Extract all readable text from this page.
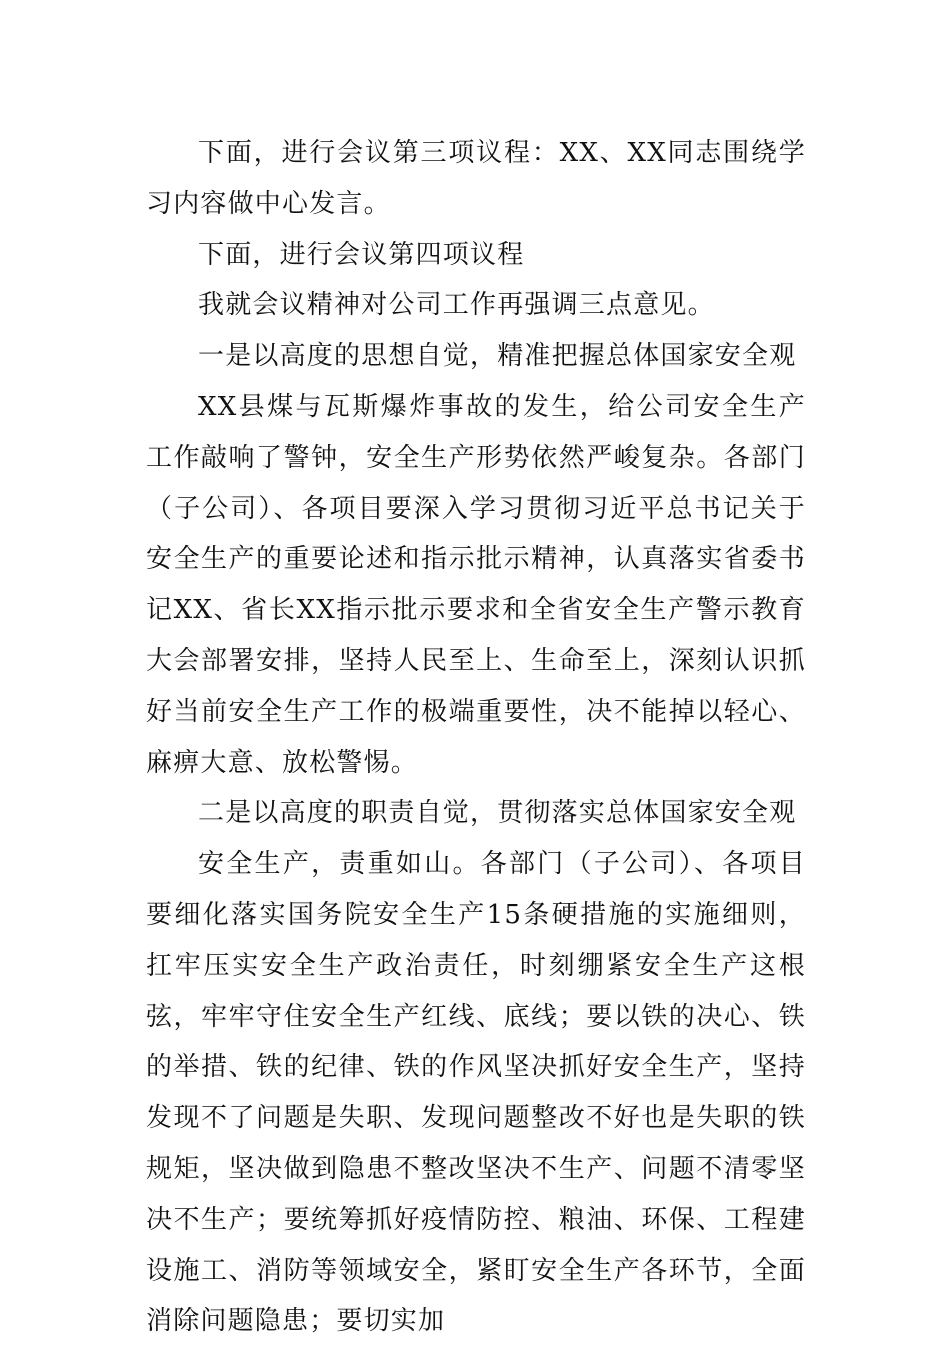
下面，进行会议第三项议程：XX、XX同志围绕学习内容做中心发言。

下面，进行会议第四项议程

我就会议精神对公司工作再强调三点意见。

一是以高度的思想自觉，精准把握总体国家安全观

XX县煤与瓦斯爆炸事故的发生，给公司安全生产工作敲响了警钟，安全生产形势依然严峻复杂。各部门（子公司）、各项目要深入学习贯彻习近平总书记关于安全生产的重要论述和指示批示精神，认真落实省委书记XX、省长XX指示批示要求和全省安全生产警示教育大会部署安排，坚持人民至上、生命至上，深刻认识抓好当前安全生产工作的极端重要性，决不能掉以轻心、麻痹大意、放松警惕。

二是以高度的职责自觉，贯彻落实总体国家安全观

安全生产，责重如山。各部门（子公司）、各项目要细化落实国务院安全生产15条硬措施的实施细则，扛牢压实安全生产政治责任，时刻绷紧安全生产这根弦，牢牢守住安全生产红线、底线；要以铁的决心、铁的举措、铁的纪律、铁的作风坚决抓好安全生产，坚持发现不了问题是失职、发现问题整改不好也是失职的铁规矩，坚决做到隐患不整改坚决不生产、问题不清零坚决不生产；要统筹抓好疫情防控、粮油、环保、工程建设施工、消防等领域安全，紧盯安全生产各环节，全面消除问题隐患；要切实加
